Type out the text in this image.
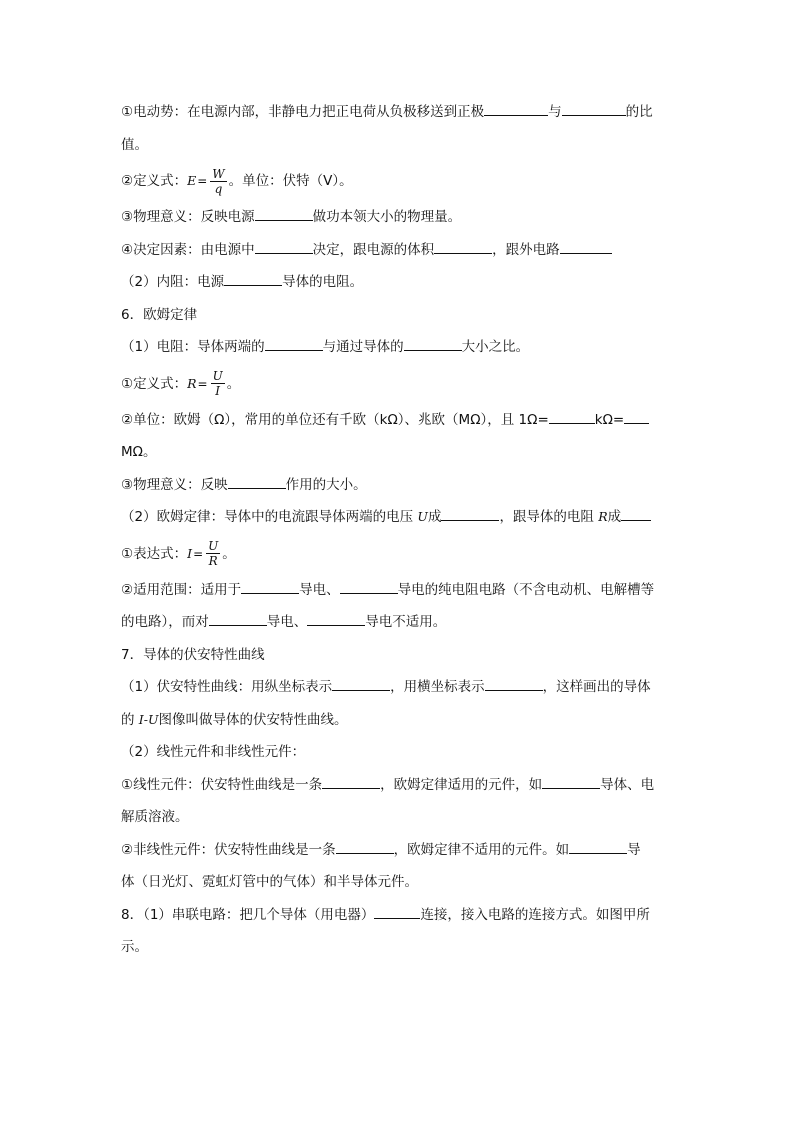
①电动势：在电源内部，非静电力把正电荷从负极移送到正极	与	的比
值。
②定义式：$E= \frac{W}{q}$ 。单位：伏特（V）。
③物理意义：反映电源	做功本领大小的物理量。
④决定因素：由电源中	决定，跟电源的体积	，跟外电路
（2）内阻：电源	导体的电阻。
6．欧姆定律
（1）电阻：导体两端的	与通过导体的	大小之比。
①定义式：$R= \frac{U}{I}$ 。
②单位：欧姆（Ω），常用的单位还有千欧（kΩ）、兆欧（MΩ），且 1Ω=	kΩ=
MΩ。
③物理意义：反映	作用的大小。
（2）欧姆定律：导体中的电流跟导体两端的电压 U成	，跟导体的电阻 R成
①表达式：$I= \frac{U}{R}$ 。
②适用范围：适用于	导电、	导电的纯电阻电路（不含电动机、电解槽等
的电路），而对	导电、	导电不适用。
7．导体的伏安特性曲线
（1）伏安特性曲线：用纵坐标表示	，用横坐标表示	，这样画出的导体
的 I-U图像叫做导体的伏安特性曲线。
（2）线性元件和非线性元件：
①线性元件：伏安特性曲线是一条	，欧姆定律适用的元件，如	导体、电
解质溶液。
②非线性元件：伏安特性曲线是一条	，欧姆定律不适用的元件。如	导
体（日光灯、霓虹灯管中的气体）和半导体元件。
8．（1）串联电路：把几个导体（用电器）	连接，接入电路的连接方式。如图甲所
示。
